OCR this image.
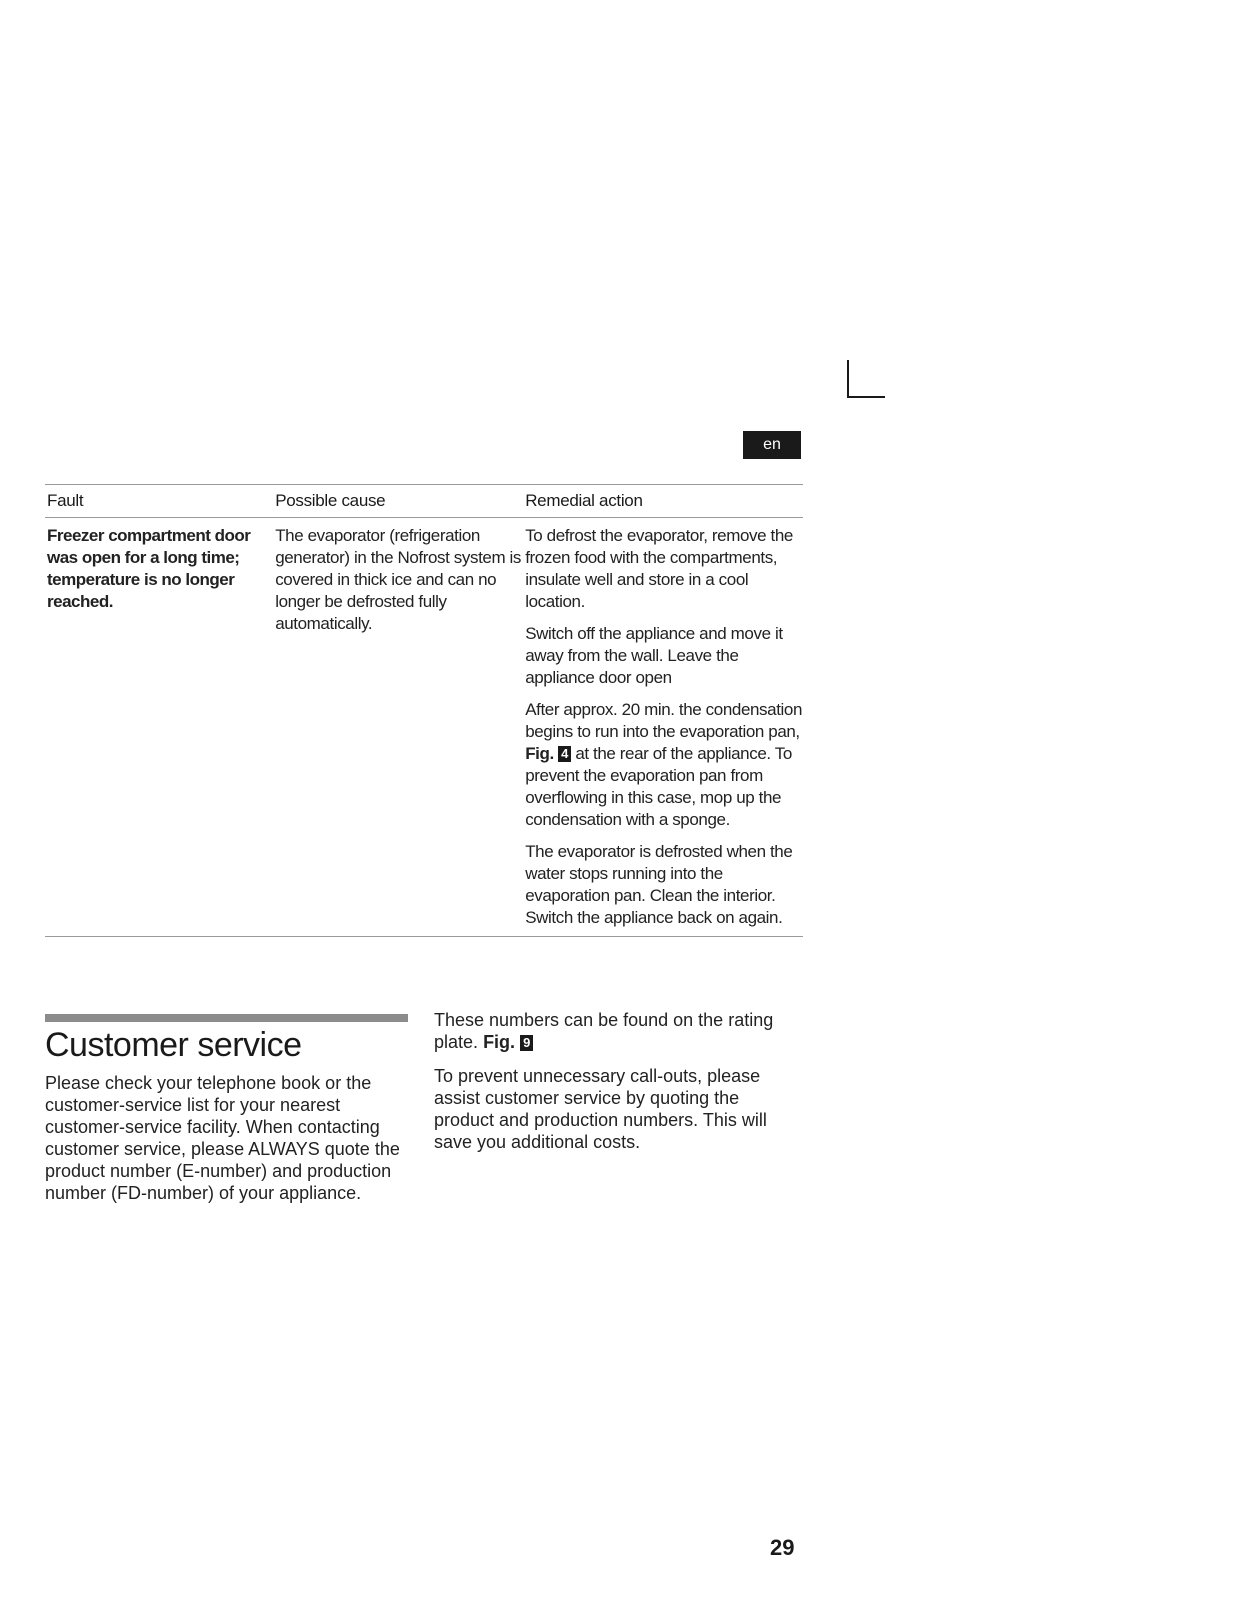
en
Fault	Possible cause	Remedial action
Freezer compartment door was open for a long time; temperature is no longer reached.
The evaporator (refrigeration generator) in the Nofrost system is covered in thick ice and can no longer be defrosted fully automatically.

To defrost the evaporator, remove the frozen food with the compartments, insulate well and store in a cool location.

Switch off the appliance and move it away from the wall. Leave the appliance door open

After approx. 20 min. the condensation begins to run into the evaporation pan, Fig. 4 at the rear of the appliance. To prevent the evaporation pan from overflowing in this case, mop up the condensation with a sponge.

The evaporator is defrosted when the water stops running into the evaporation pan. Clean the interior. Switch the appliance back on again.

Customer service

Please check your telephone book or the customer-service list for your nearest customer-service facility. When contacting customer service, please ALWAYS quote the product number (E-number) and production number (FD-number) of your appliance.

These numbers can be found on the rating plate. Fig. 9

To prevent unnecessary call-outs, please assist customer service by quoting the product and production numbers. This will save you additional costs.

29
